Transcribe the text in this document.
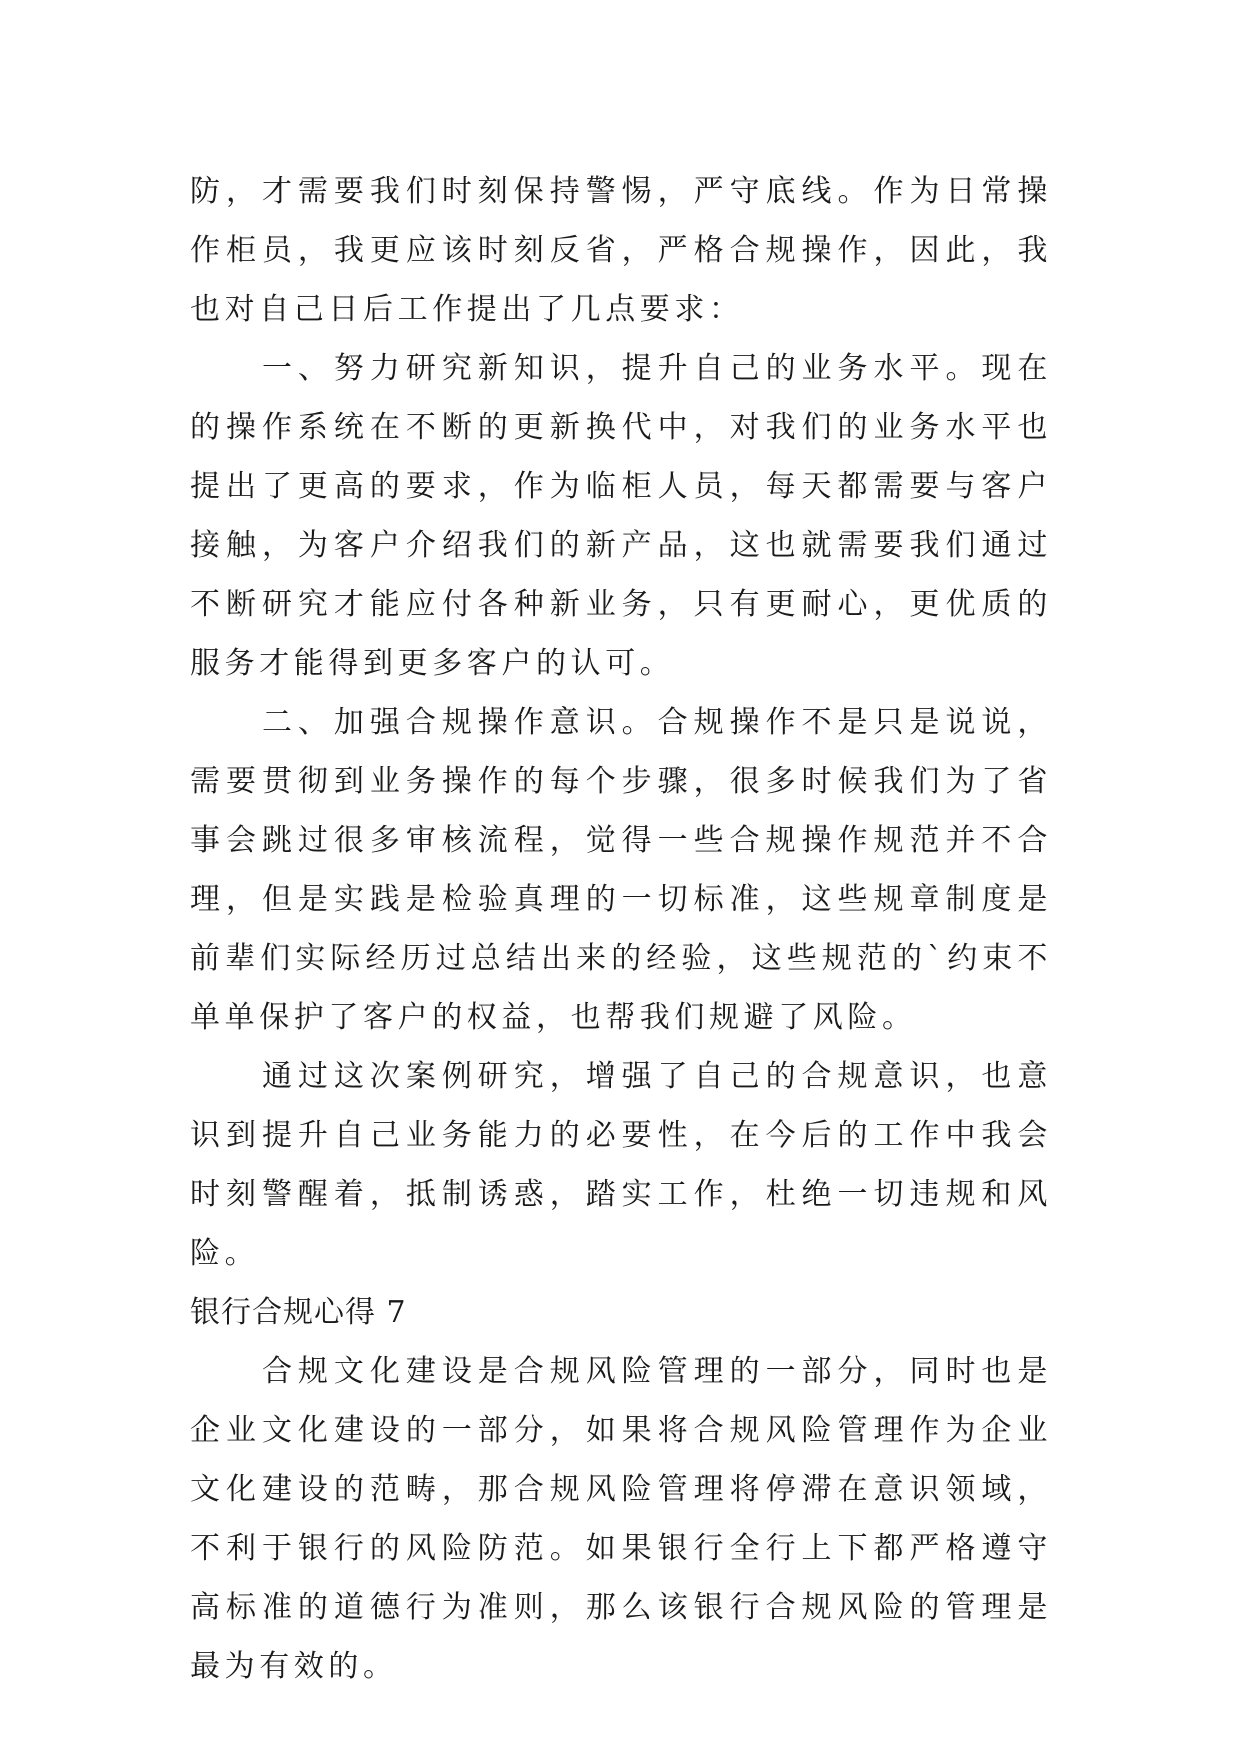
防，才需要我们时刻保持警惕，严守底线。作为日常操作柜员，我更应该时刻反省，严格合规操作，因此，我也对自己日后工作提出了几点要求：

　　一、努力研究新知识，提升自己的业务水平。现在的操作系统在不断的更新换代中，对我们的业务水平也提出了更高的要求，作为临柜人员，每天都需要与客户接触，为客户介绍我们的新产品，这也就需要我们通过不断研究才能应付各种新业务，只有更耐心，更优质的服务才能得到更多客户的认可。

　　二、加强合规操作意识。合规操作不是只是说说，需要贯彻到业务操作的每个步骤，很多时候我们为了省事会跳过很多审核流程，觉得一些合规操作规范并不合理，但是实践是检验真理的一切标准，这些规章制度是前辈们实际经历过总结出来的经验，这些规范的`约束不单单保护了客户的权益，也帮我们规避了风险。

　　通过这次案例研究，增强了自己的合规意识，也意识到提升自己业务能力的必要性，在今后的工作中我会时刻警醒着，抵制诱惑，踏实工作，杜绝一切违规和风险。

银行合规心得 7

　　合规文化建设是合规风险管理的一部分，同时也是企业文化建设的一部分，如果将合规风险管理作为企业文化建设的范畴，那合规风险管理将停滞在意识领域，不利于银行的风险防范。如果银行全行上下都严格遵守高标准的道德行为准则，那么该银行合规风险的管理是最为有效的。
